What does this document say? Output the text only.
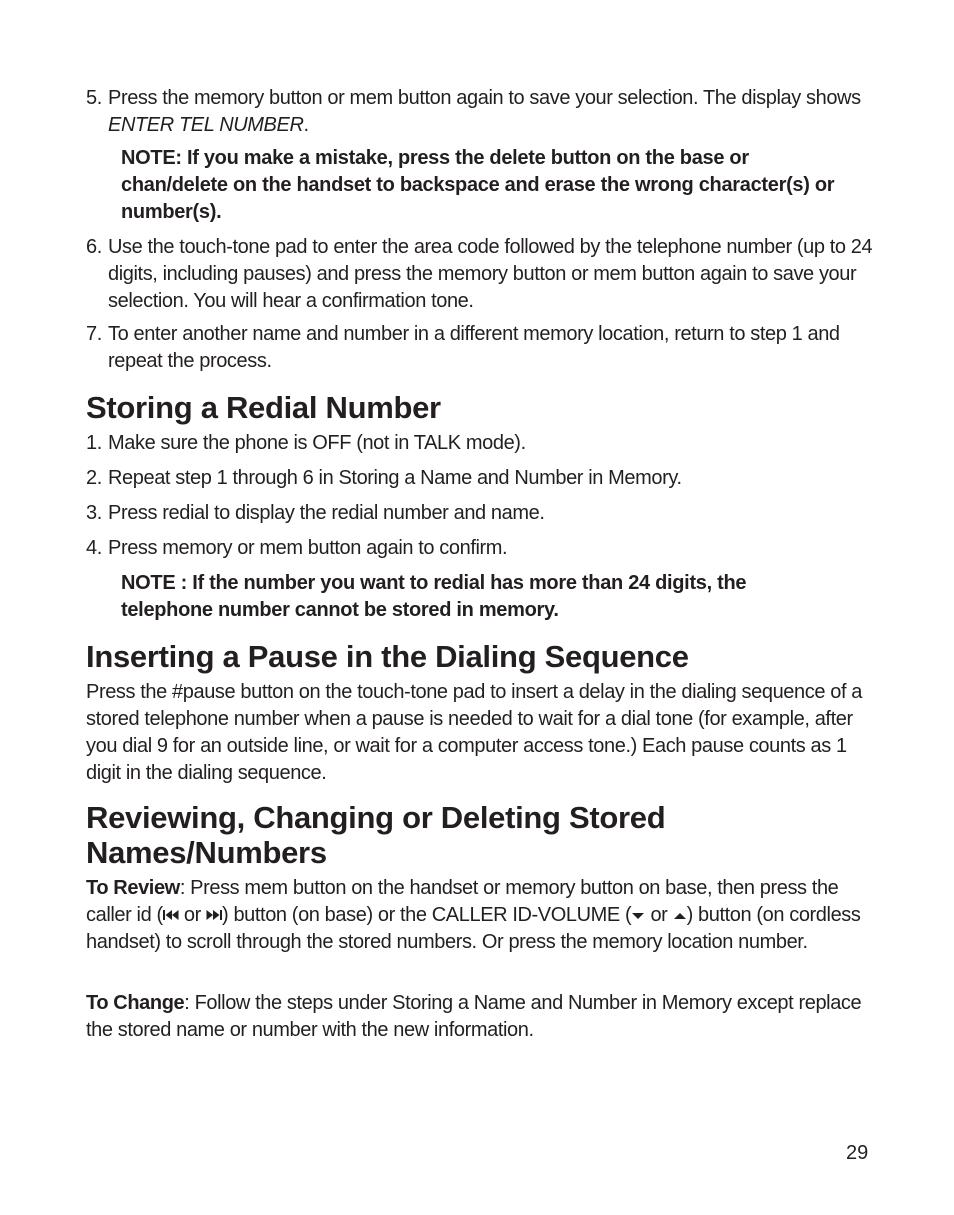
5. Press the memory button or mem button again to save your selection. The display shows ENTER TEL NUMBER.
NOTE: If you make a mistake, press the delete button on the base or chan/delete on the handset to backspace and erase the wrong character(s) or number(s).
6. Use the touch-tone pad to enter the area code followed by the telephone number (up to 24 digits, including pauses) and press the memory button or mem button again to save your selection. You will hear a confirmation tone.
7. To enter another name and number in a different memory location, return to step 1 and repeat the process.
Storing a Redial Number
1. Make sure the phone is OFF (not in TALK mode).
2. Repeat step 1 through 6 in Storing a Name and Number in Memory.
3. Press redial to display the redial number and name.
4. Press memory or mem button again to confirm.
NOTE : If the number you want to redial has more than 24 digits, the telephone number cannot be stored in memory.
Inserting a Pause in the Dialing Sequence
Press the #pause button on the touch-tone pad to insert a delay in the dialing sequence of a stored telephone number when a pause is needed to wait for a dial tone (for example, after you dial 9 for an outside line, or wait for a computer access tone.) Each pause counts as 1 digit in the dialing sequence.
Reviewing, Changing or Deleting Stored
Names/Numbers
To Review: Press mem button on the handset or memory button on base, then press the caller id ( or ) button (on base) or the CALLER ID-VOLUME ( or ) button (on cordless handset) to scroll through the stored numbers. Or press the memory location number.
To Change: Follow the steps under Storing a Name and Number in Memory except replace the stored name or number with the new information.
29
